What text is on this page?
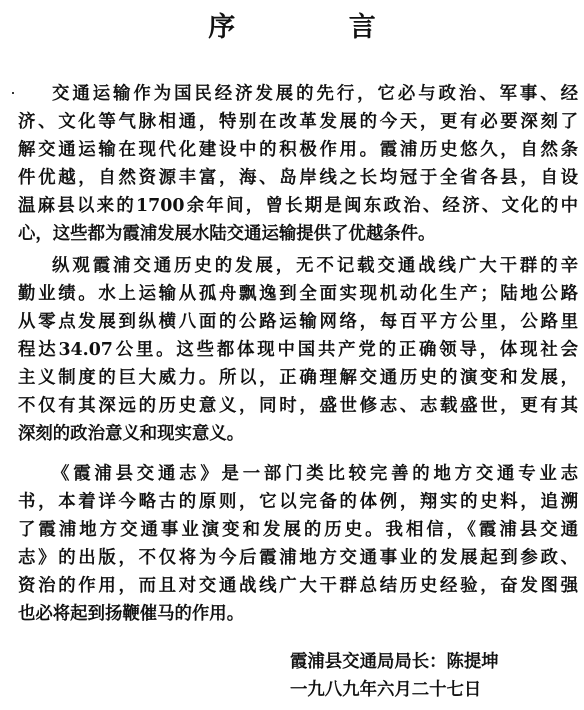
序 言
交通运输作为国民经济发展的先行，它必与政治、军事、经
济、文化等气脉相通，特别在改革发展的今天，更有必要深刻了
解交通运输在现代化建设中的积极作用。霞浦历史悠久，自然条
件优越，自然资源丰富，海、岛岸线之长均冠于全省各县，自设
温麻县以来的1700余年间，曾长期是闽东政治、经济、文化的中
心，这些都为霞浦发展水陆交通运输提供了优越条件。
纵观霞浦交通历史的发展，无不记载交通战线广大干群的辛
勤业绩。水上运输从孤舟飘逸到全面实现机动化生产；陆地公路
从零点发展到纵横八面的公路运输网络，每百平方公里，公路里
程达34.07公里。这些都体现中国共产党的正确领导，体现社会
主义制度的巨大威力。所以，正确理解交通历史的演变和发展，
不仅有其深远的历史意义，同时，盛世修志、志载盛世，更有其
深刻的政治意义和现实意义。
《霞浦县交通志》是一部门类比较完善的地方交通专业志
书，本着详今略古的原则，它以完备的体例，翔实的史料，追溯
了霞浦地方交通事业演变和发展的历史。我相信，《霞浦县交通
志》的出版，不仅将为今后霞浦地方交通事业的发展起到参政、
资治的作用，而且对交通战线广大干群总结历史经验，奋发图强
也必将起到扬鞭催马的作用。
霞浦县交通局局长：陈提坤
一九八九年六月二十七日
